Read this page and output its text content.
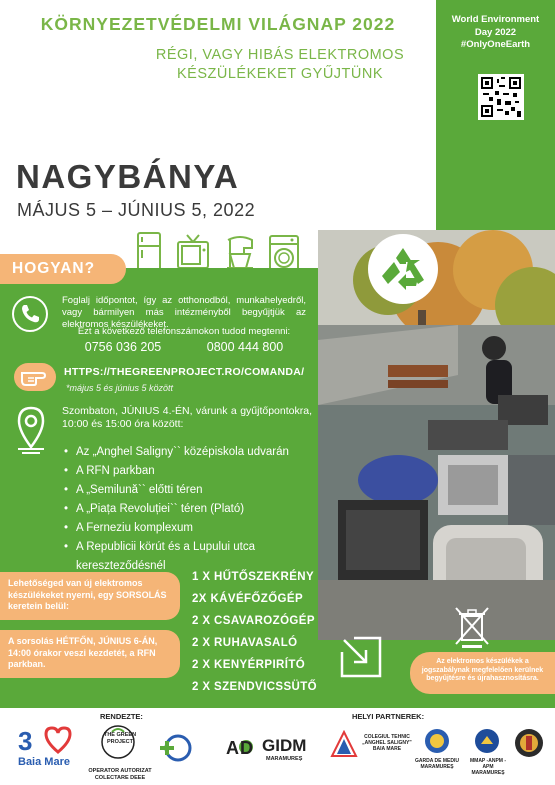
KÖRNYEZETVÉDELMI VILÁGNAP 2022
RÉGI, VAGY HIBÁS ELEKTROMOS KÉSZÜLÉKEKET GYŰJTÜNK
World Environment
Day 2022
#OnlyOneEarth
NAGYBÁNYA
MÁJUS 5 – JÚNIUS 5, 2022
HOGYAN?
Foglalj időpontot, így az otthonodból, munkahelyedről, vagy bármilyen más intézményből begyűjtjük az elektromos készülékeket.
Ezt a következő telefonszámokon tudod megtenni:
0756 036 205	0800 444 800
HTTPS://THEGREENPROJECT.RO/COMANDA/
*május 5 és június 5 között
Szombaton, JÚNIUS 4.-ÉN, várunk a gyűjtőpontokra, 10:00 és 15:00 óra között:
• Az „Anghel Saligny`` középiskola udvarán
• A RFN parkban
• A „Semilună`` előtti téren
• A „Piața Revoluției`` téren (Plató)
• A Ferneziu komplexum
• A Republicii körút és a Lupului utca kereszteződésnél
Lehetőséged van új elektromos készülékeket nyerni, egy SORSOLÁS keretein belül:
A sorsolás HÉTFŐN, JÚNIUS 6-ÁN, 14:00 órakor veszi kezdetét, a RFN parkban.
1 X HŰTŐSZEKRÉNY
2X KÁVÉFŐZŐGÉP
2 X CSAVAROZÓGÉP
2 X RUHAVASALÓ
2 X KENYÉRPIRÍTÓ
2 X SZENDVICSSÜTŐ
Az elektromos készülékek a jogszabálynak megfelelően kerülnek begyűjtésre és újrahasznosításra.
RENDEZTE:	HELYI PARTNEREK:
3
Baia Mare
THE GREEN PROJECT
OPERATOR AUTORIZAT COLECTARE DEEE
A D GIDM
MARAMUREȘ
COLEGIUL TEHNIC „ANGHEL SALIGNY” BAIA MARE
GARDA DE MEDIU MARAMUREȘ
MMAP -ANPM -APM MARAMUREȘ
